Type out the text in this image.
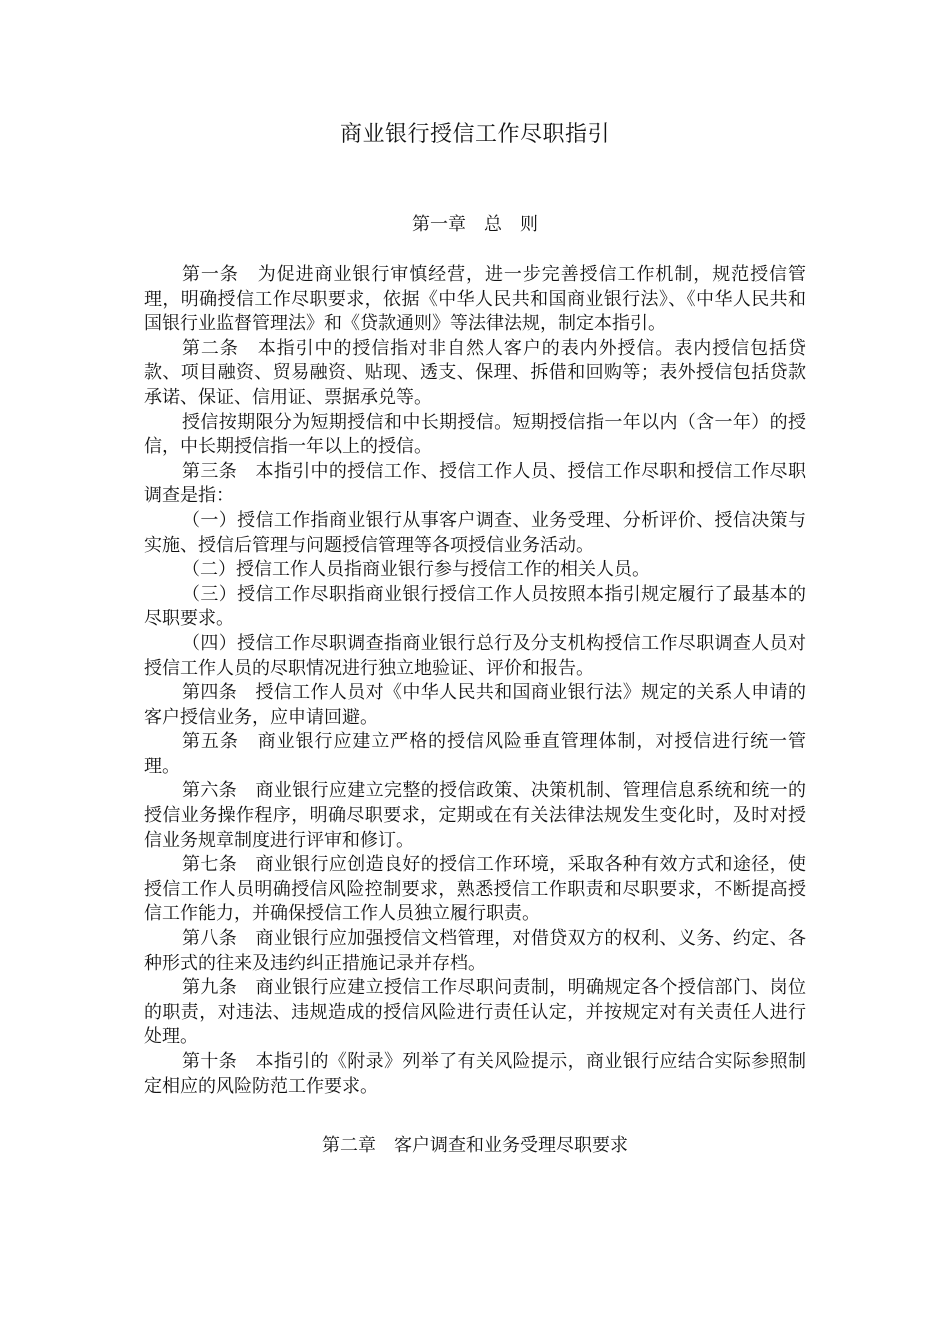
商业银行授信工作尽职指引
第一章　总　则

第一条　为促进商业银行审慎经营，进一步完善授信工作机制，规范授信管理，明确授信工作尽职要求，依据《中华人民共和国商业银行法》、《中华人民共和国银行业监督管理法》和《贷款通则》等法律法规，制定本指引。

第二条　本指引中的授信指对非自然人客户的表内外授信。表内授信包括贷款、项目融资、贸易融资、贴现、透支、保理、拆借和回购等；表外授信包括贷款承诺、保证、信用证、票据承兑等。

授信按期限分为短期授信和中长期授信。短期授信指一年以内（含一年）的授信，中长期授信指一年以上的授信。

第三条　本指引中的授信工作、授信工作人员、授信工作尽职和授信工作尽职调查是指：

（一）授信工作指商业银行从事客户调查、业务受理、分析评价、授信决策与实施、授信后管理与问题授信管理等各项授信业务活动。

（二）授信工作人员指商业银行参与授信工作的相关人员。

（三）授信工作尽职指商业银行授信工作人员按照本指引规定履行了最基本的尽职要求。

（四）授信工作尽职调查指商业银行总行及分支机构授信工作尽职调查人员对授信工作人员的尽职情况进行独立地验证、评价和报告。

第四条　授信工作人员对《中华人民共和国商业银行法》规定的关系人申请的客户授信业务，应申请回避。

第五条　商业银行应建立严格的授信风险垂直管理体制，对授信进行统一管理。

第六条　商业银行应建立完整的授信政策、决策机制、管理信息系统和统一的授信业务操作程序，明确尽职要求，定期或在有关法律法规发生变化时，及时对授信业务规章制度进行评审和修订。

第七条　商业银行应创造良好的授信工作环境，采取各种有效方式和途径，使授信工作人员明确授信风险控制要求，熟悉授信工作职责和尽职要求，不断提高授信工作能力，并确保授信工作人员独立履行职责。

第八条　商业银行应加强授信文档管理，对借贷双方的权利、义务、约定、各种形式的往来及违约纠正措施记录并存档。

第九条　商业银行应建立授信工作尽职问责制，明确规定各个授信部门、岗位的职责，对违法、违规造成的授信风险进行责任认定，并按规定对有关责任人进行处理。

第十条　本指引的《附录》列举了有关风险提示，商业银行应结合实际参照制定相应的风险防范工作要求。

第二章　客户调查和业务受理尽职要求
